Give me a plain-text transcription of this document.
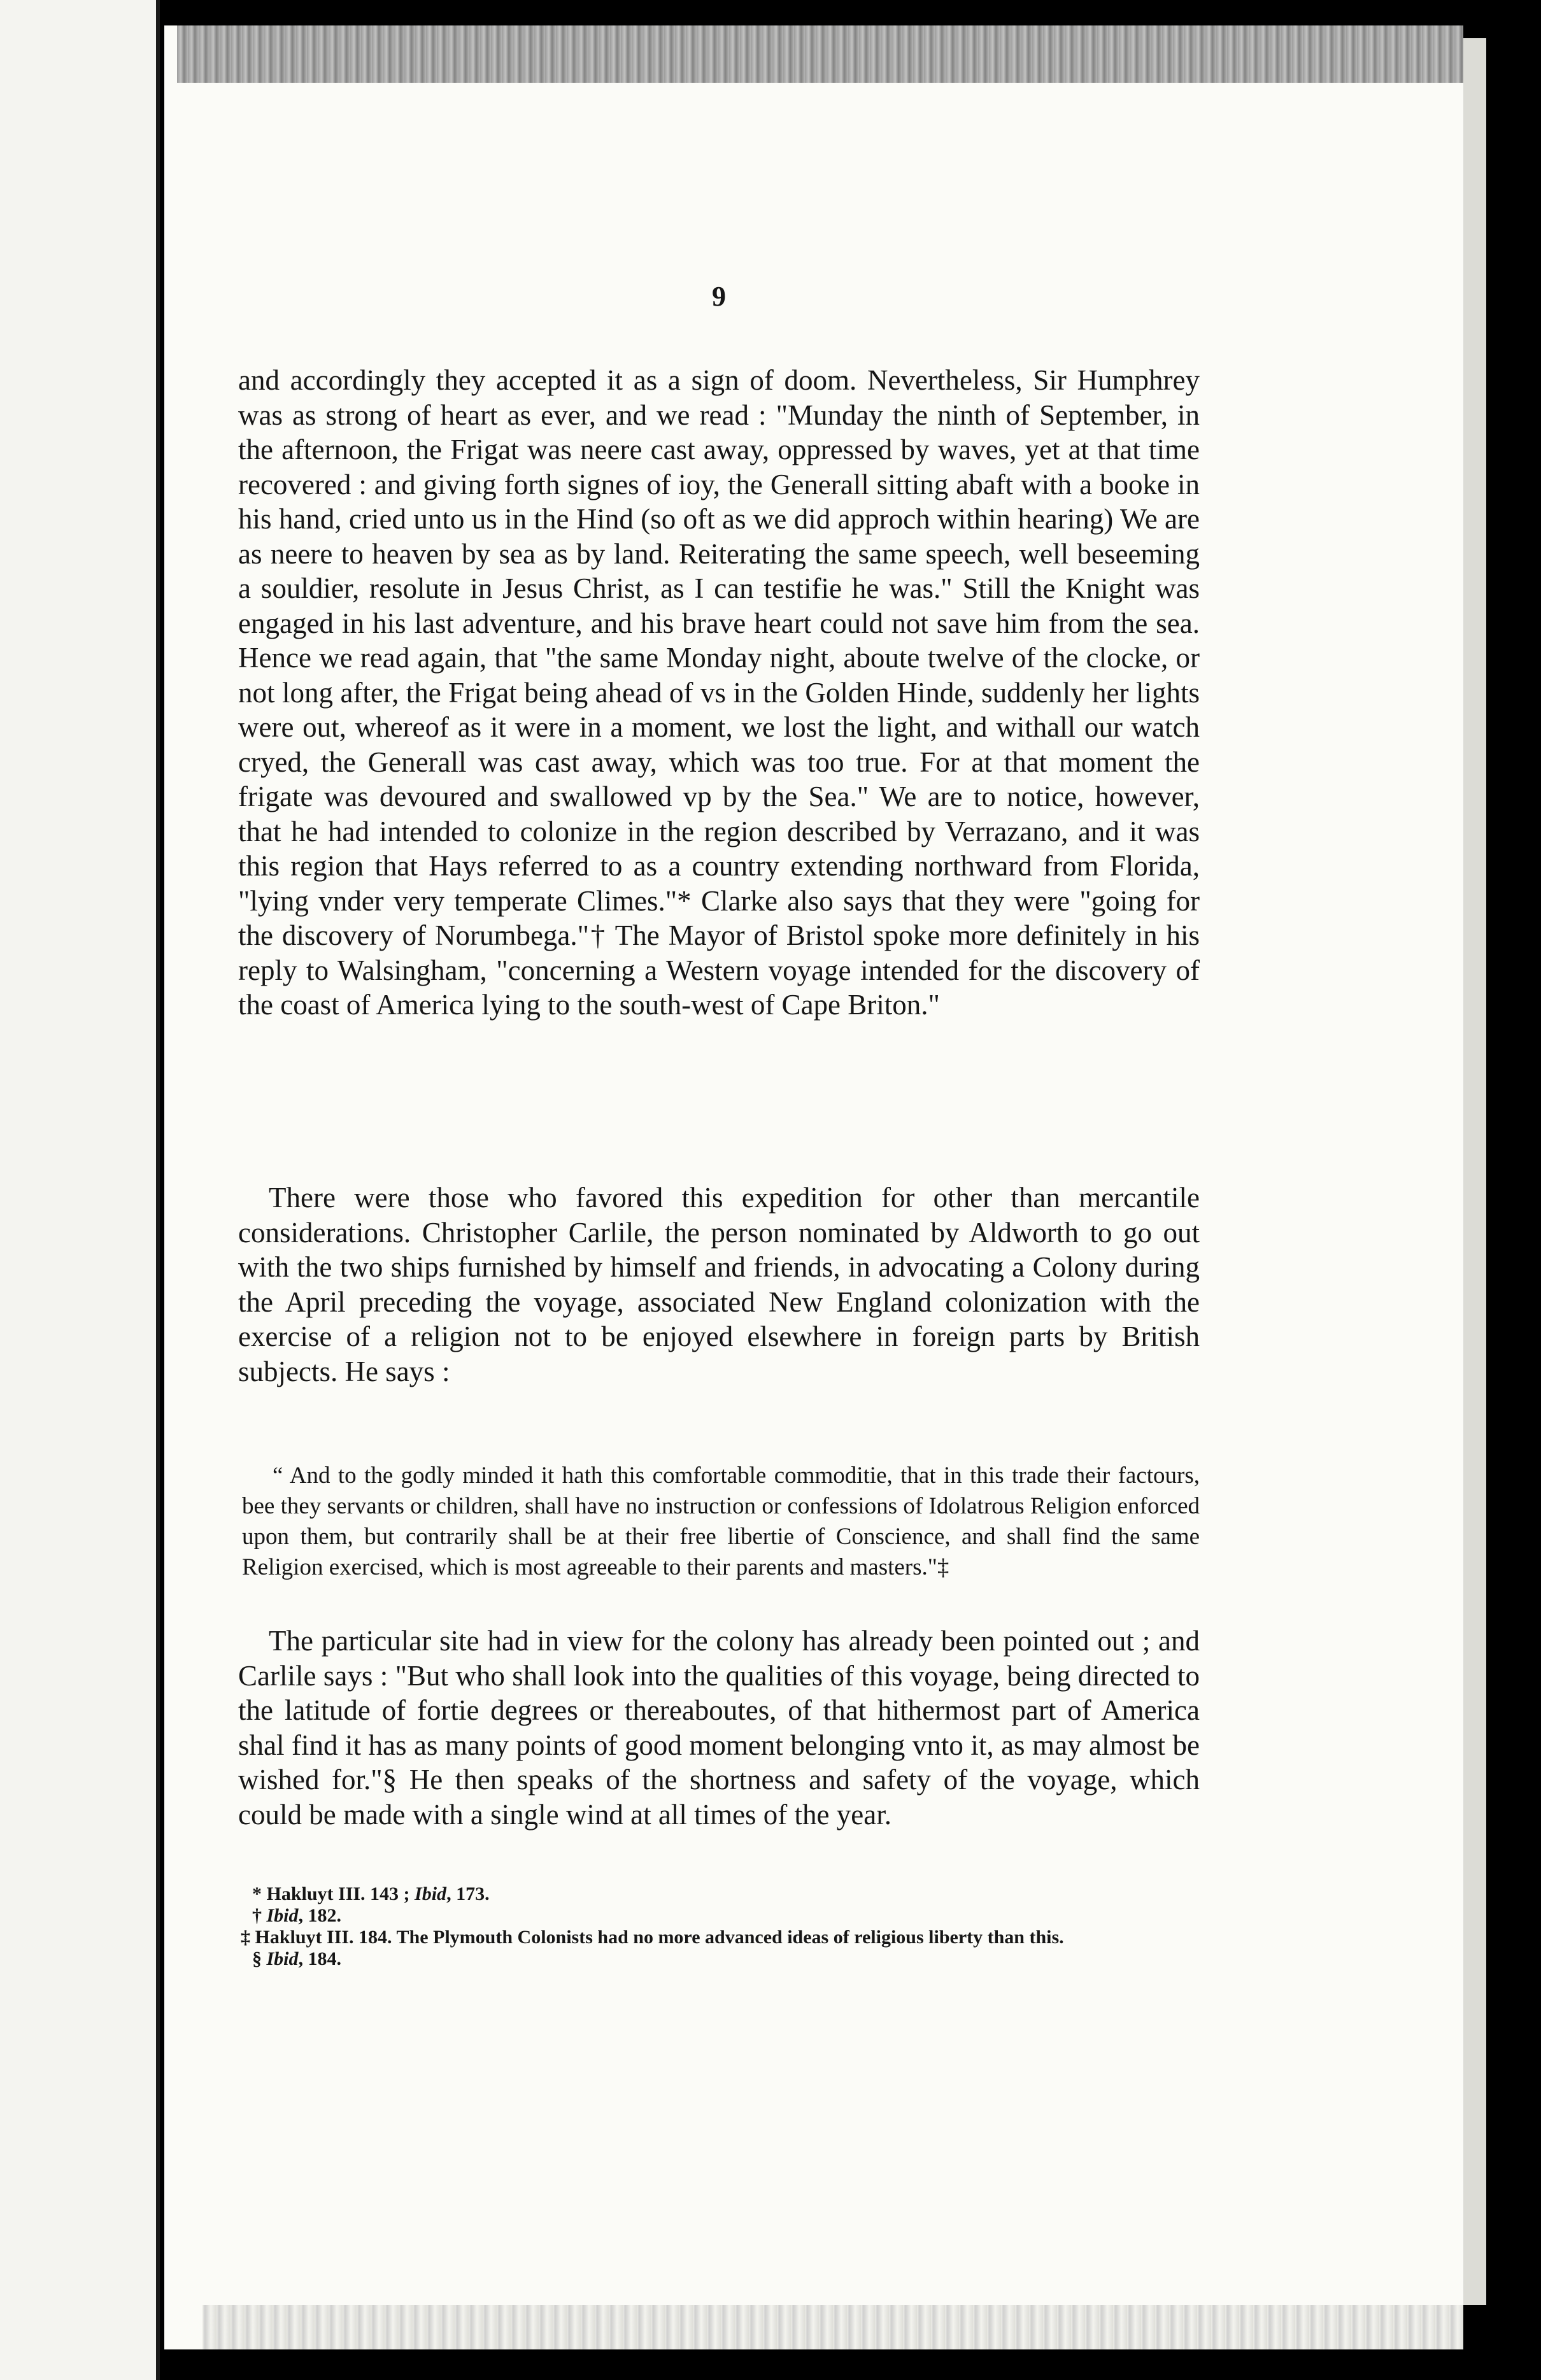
9

and accordingly they accepted it as a sign of doom. Nevertheless, Sir Humphrey was as strong of heart as ever, and we read : "Munday the ninth of September, in the afternoon, the Frigat was neere cast away, oppressed by waves, yet at that time recovered : and giving forth signes of ioy, the Generall sitting abaft with a booke in his hand, cried unto us in the Hind (so oft as we did approch within hearing) We are as neere to heaven by sea as by land. Reiterating the same speech, well beseeming a souldier, resolute in Jesus Christ, as I can testifie he was." Still the Knight was engaged in his last adventure, and his brave heart could not save him from the sea. Hence we read again, that "the same Monday night, aboute twelve of the clocke, or not long after, the Frigat being ahead of vs in the Golden Hinde, suddenly her lights were out, whereof as it were in a moment, we lost the light, and withall our watch cryed, the Generall was cast away, which was too true. For at that moment the frigate was devoured and swallowed vp by the Sea." We are to notice, however, that he had intended to colonize in the region described by Verrazano, and it was this region that Hays referred to as a country extending northward from Florida, "lying vnder very temperate Climes."* Clarke also says that they were "going for the discovery of Norumbega."† The Mayor of Bristol spoke more definitely in his reply to Walsingham, "concerning a Western voyage intended for the discovery of the coast of America lying to the south-west of Cape Briton."

There were those who favored this expedition for other than mercantile considerations. Christopher Carlile, the person nominated by Aldworth to go out with the two ships furnished by himself and friends, in advocating a Colony during the April preceding the voyage, associated New England colonization with the exercise of a religion not to be enjoyed elsewhere in foreign parts by British subjects. He says :

“ And to the godly minded it hath this comfortable commoditie, that in this trade their factours, bee they servants or children, shall have no instruction or confessions of Idolatrous Religion enforced upon them, but contrarily shall be at their free libertie of Conscience, and shall find the same Religion exercised, which is most agreeable to their parents and masters."‡

The particular site had in view for the colony has already been pointed out ; and Carlile says : "But who shall look into the qualities of this voyage, being directed to the latitude of fortie degrees or thereaboutes, of that hithermost part of America shal find it has as many points of good moment belonging vnto it, as may almost be wished for."§ He then speaks of the shortness and safety of the voyage, which could be made with a single wind at all times of the year.

* Hakluyt III. 143 ; Ibid, 173.

† Ibid, 182.

‡ Hakluyt III. 184. The Plymouth Colonists had no more advanced ideas of religious liberty than this.

§ Ibid, 184.
